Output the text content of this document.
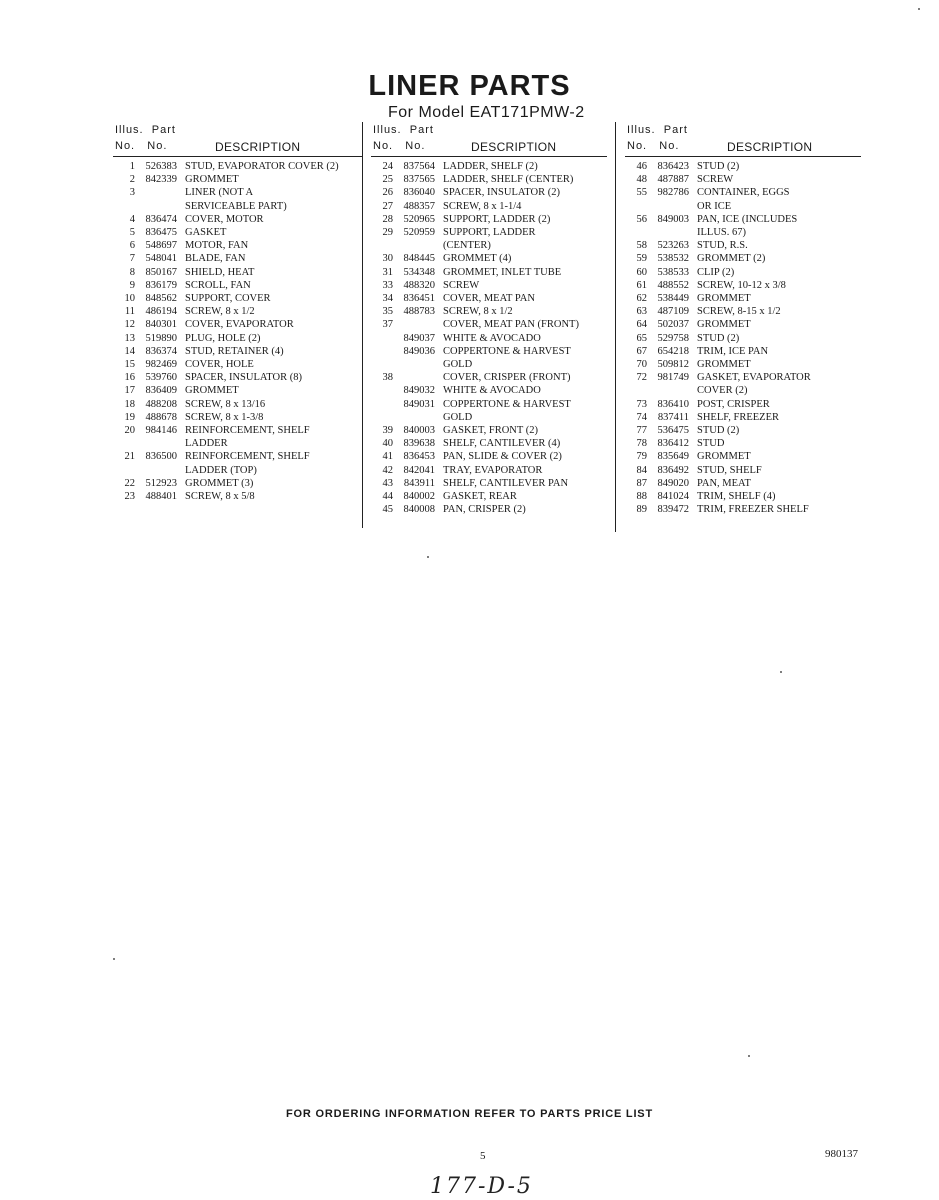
LINER PARTS
For Model EAT171PMW-2
Illus. Part
No. No.	DESCRIPTION
1	526383 STUD, EVAPORATOR COVER (2)
2	842339 GROMMET
3	LINER (NOT A
SERVICEABLE PART)
4	836474 COVER, MOTOR
5	836475 GASKET
6	548697 MOTOR, FAN
7	548041 BLADE, FAN
8	850167 SHIELD, HEAT
9	836179 SCROLL, FAN
10	848562 SUPPORT, COVER
11	486194 SCREW, 8 x 1/2
12	840301 COVER, EVAPORATOR
13	519890 PLUG, HOLE (2)
14	836374 STUD, RETAINER (4)
15	982469 COVER, HOLE
16	539760 SPACER, INSULATOR (8)
17	836409 GROMMET
18	488208 SCREW, 8 x 13/16
19	488678 SCREW, 8 x 1-3/8
20	984146 REINFORCEMENT, SHELF
LADDER
21	836500 REINFORCEMENT, SHELF
LADDER (TOP)
22	512923 GROMMET (3)
23	488401 SCREW, 8 x 5/8
Illus. Part
No. No.	DESCRIPTION
24	837564 LADDER, SHELF (2)
25	837565 LADDER, SHELF (CENTER)
26	836040 SPACER, INSULATOR (2)
27	488357 SCREW, 8 x 1-1/4
28	520965 SUPPORT, LADDER (2)
29	520959 SUPPORT, LADDER
(CENTER)
30	848445 GROMMET (4)
31	534348 GROMMET, INLET TUBE
33	488320 SCREW
34	836451 COVER, MEAT PAN
35	488783 SCREW, 8 x 1/2
37	COVER, MEAT PAN (FRONT)
849037 WHITE & AVOCADO
849036 COPPERTONE & HARVEST
GOLD
38	COVER, CRISPER (FRONT)
849032 WHITE & AVOCADO
849031 COPPERTONE & HARVEST
GOLD
39	840003 GASKET, FRONT (2)
40	839638 SHELF, CANTILEVER (4)
41	836453 PAN, SLIDE & COVER (2)
42	842041 TRAY, EVAPORATOR
43	843911 SHELF, CANTILEVER PAN
44	840002 GASKET, REAR
45	840008 PAN, CRISPER (2)
Illus. Part
No. No.	DESCRIPTION
46	836423 STUD (2)
48	487887 SCREW
55	982786 CONTAINER, EGGS
OR ICE
56	849003 PAN, ICE (INCLUDES
ILLUS. 67)
58	523263 STUD, R.S.
59	538532 GROMMET (2)
60	538533 CLIP (2)
61	488552 SCREW, 10-12 x 3/8
62	538449 GROMMET
63	487109 SCREW, 8-15 x 1/2
64	502037 GROMMET
65	529758 STUD (2)
67	654218 TRIM, ICE PAN
70	509812 GROMMET
72	981749 GASKET, EVAPORATOR
COVER (2)
73	836410 POST, CRISPER
74	837411 SHELF, FREEZER
77	536475 STUD (2)
78	836412 STUD
79	835649 GROMMET
84	836492 STUD, SHELF
87	849020 PAN, MEAT
88	841024 TRIM, SHELF (4)
89	839472 TRIM, FREEZER SHELF
FOR ORDERING INFORMATION REFER TO PARTS PRICE LIST
5	980137
177-D-5
